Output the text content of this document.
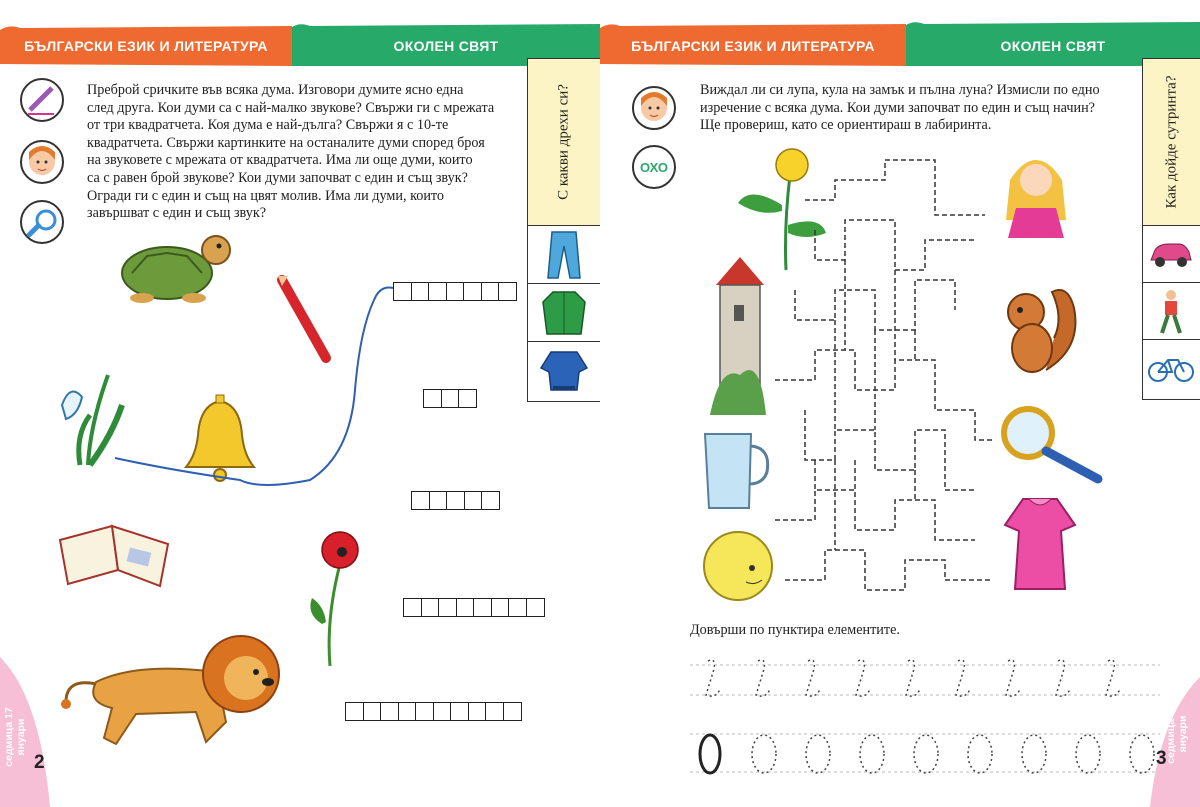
БЪЛГАРСКИ ЕЗИК И ЛИТЕРАТУРА	ОКОЛЕН СВЯТ
Преброй сричките във всяка дума. Изговори думите ясно една
след друга. Кои думи са с най-малко звукове? Свържи ги с мрежата
от три квадратчета. Коя дума е най-дълга? Свържи я с 10-те
квадратчета. Свържи картинките на останалите думи според броя
на звуковете с мрежата от квадратчета. Има ли още думи, които
са с равен брой звукове? Кои думи започват с един и същ звук?
Огради ги с един и същ на цвят молив. Има ли думи, които
завършват с един и същ звук?
С какви дрехи си?
седмица 17 януари
2
БЪЛГАРСКИ ЕЗИК И ЛИТЕРАТУРА	ОКОЛЕН СВЯТ
ОХО
Виждал ли си лупа, кула на замък и пълна луна? Измисли по едно
изречение с всяка дума. Кои думи започват по един и същ начин?
Ще провериш, като се ориентираш в лабиринта.	Как дойде сутринта?
Довърши по пунктира елементите.
седмица 17 януари
3
